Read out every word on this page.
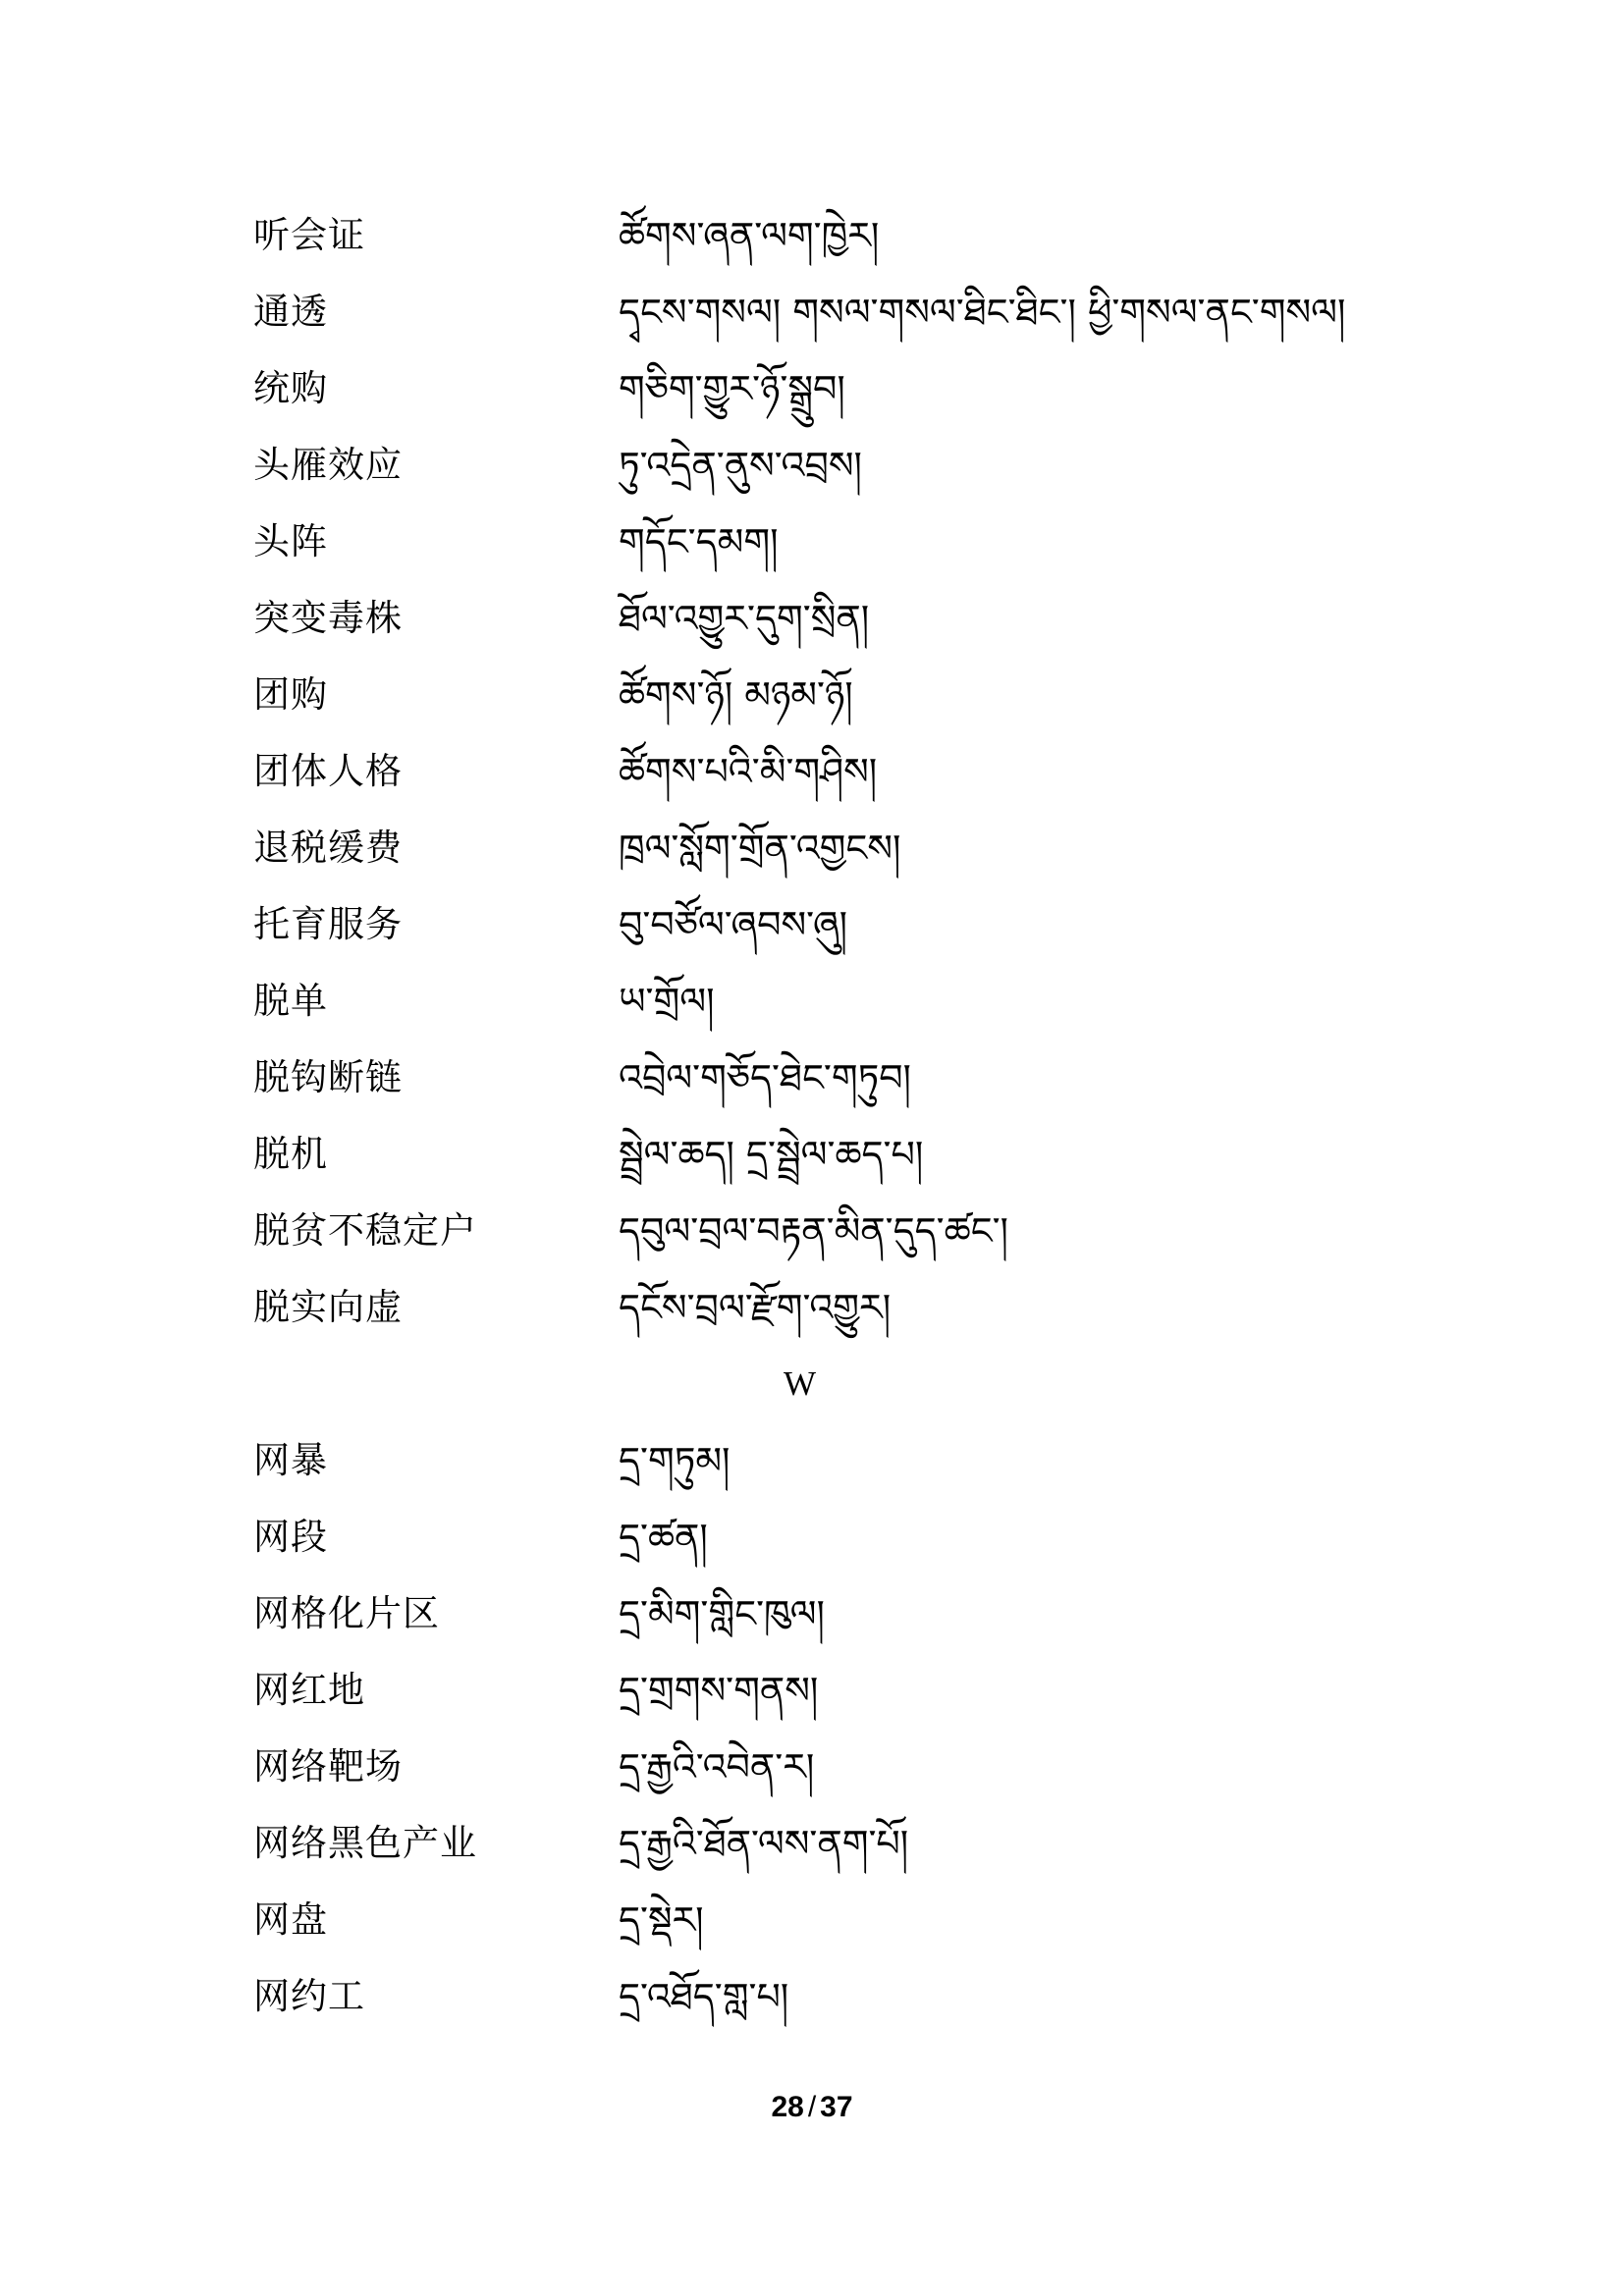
听会证	ཚོགས་ཞན་ལག་ཁྱེར།
通透	དྭངས་གསལ། གསལ་གསལ་ཐིང་ཐིང་། ཕྱི་གསལ་ནང་གསལ།
统购	གཅིག་གྱུར་ཉོ་སྒྲུབ།
头雁效应	ཏུ་འདྲེན་ནུས་འབྲས།
头阵	གདོང་དམག།
突变毒株	ཐོལ་འགྱུར་དུག་སྲིན།
团购	ཚོགས་ཉོ། མཉམ་ཉོ།
团体人格	ཚོགས་པའི་མི་གཤིས།
退税缓费	ཁྲལ་སློག་གྲོན་འགྱངས།
托育服务	བུ་བཙོལ་ཞབས་ཞུ།
脱单	ཡ་གྲོལ།
脱钩断链	འབྲེལ་གཅོད་ཐེང་གཏུབ།
脱机	སྦྲེལ་ཆད། དྲ་སྦྲེལ་ཆད་པ།
脱贫不稳定户	དབུལ་བྲལ་བརྟན་མིན་དུད་ཚང་།
脱实向虚	དངོས་བྲལ་རྫོག་འགྱུར།
W
网暴	དྲ་གཏུམ།
网段	དྲ་ཚན།
网格化片区	དྲ་མིག་གླིང་ཁུལ།
网红地	དྲ་གྲགས་གནས།
网络靶场	དྲ་རྒྱའི་འབེན་ར།
网络黑色产业	དྲ་རྒྱའི་ཐོན་ལས་ནག་པོ།
网盘	དྲ་སྡེར།
网约工	དྲ་འཐོད་གླ་པ།
28 / 37
